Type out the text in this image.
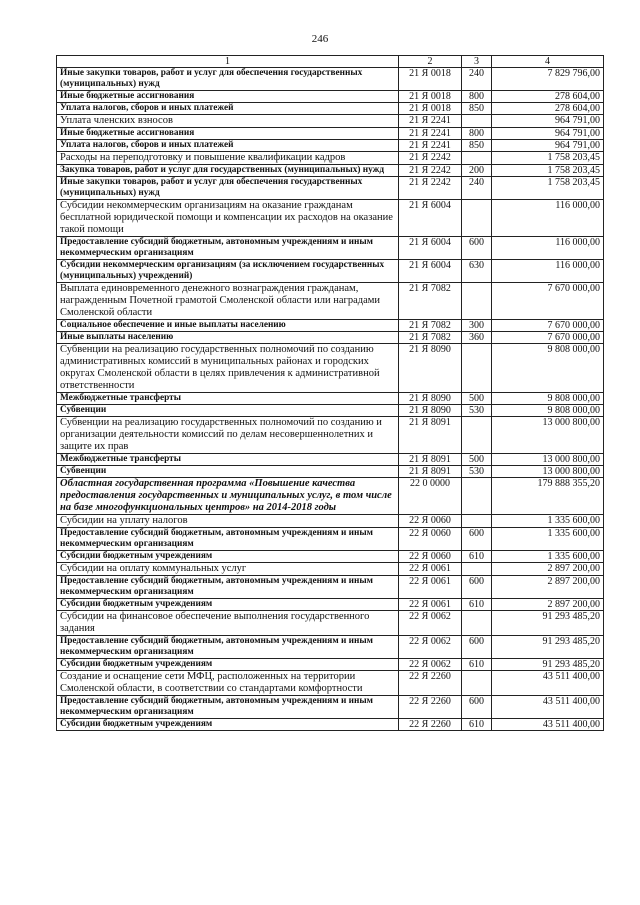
246
1	2	3	4
Иные закупки товаров, работ и услуг для обеспечения государственных (муниципальных) нужд	21 Я 0018	240	7 829 796,00
Иные бюджетные ассигнования	21 Я 0018	800	278 604,00
Уплата налогов, сборов и иных платежей	21 Я 0018	850	278 604,00
Уплата членских взносов	21 Я 2241		964 791,00
Иные бюджетные ассигнования	21 Я 2241	800	964 791,00
Уплата налогов, сборов и иных платежей	21 Я 2241	850	964 791,00
Расходы на переподготовку и повышение квалификации кадров	21 Я 2242		1 758 203,45
Закупка товаров, работ и услуг для государственных (муниципальных) нужд	21 Я 2242	200	1 758 203,45
Иные закупки товаров, работ и услуг для обеспечения государственных (муниципальных) нужд	21 Я 2242	240	1 758 203,45
Субсидии некоммерческим организациям на оказание гражданам бесплатной юридической помощи и компенсации их расходов на оказание такой помощи	21 Я 6004		116 000,00
Предоставление субсидий бюджетным, автономным учреждениям и иным некоммерческим организациям	21 Я 6004	600	116 000,00
Субсидии некоммерческим организациям (за исключением государственных (муниципальных) учреждений)	21 Я 6004	630	116 000,00
Выплата единовременного денежного вознаграждения гражданам, награжденным Почетной грамотой Смоленской области или наградами Смоленской области	21 Я 7082		7 670 000,00
Социальное обеспечение и иные выплаты населению	21 Я 7082	300	7 670 000,00
Иные выплаты населению	21 Я 7082	360	7 670 000,00
Субвенции на реализацию государственных полномочий по созданию административных комиссий в муниципальных районах и городских округах Смоленской области в целях привлечения к административной ответственности	21 Я 8090		9 808 000,00
Межбюджетные трансферты	21 Я 8090	500	9 808 000,00
Субвенции	21 Я 8090	530	9 808 000,00
Субвенции на реализацию государственных полномочий по созданию и организации деятельности комиссий по делам несовершеннолетних и защите их прав	21 Я 8091		13 000 800,00
Межбюджетные трансферты	21 Я 8091	500	13 000 800,00
Субвенции	21 Я 8091	530	13 000 800,00
Областная государственная программа «Повышение качества предоставления государственных и муниципальных услуг, в том числе на базе многофункциональных центров» на 2014-2018 годы	22 0 0000		179 888 355,20
Субсидии на уплату налогов	22 Я 0060		1 335 600,00
Предоставление субсидий бюджетным, автономным учреждениям и иным некоммерческим организациям	22 Я 0060	600	1 335 600,00
Субсидии бюджетным учреждениям	22 Я 0060	610	1 335 600,00
Субсидии на оплату коммунальных услуг	22 Я 0061		2 897 200,00
Предоставление субсидий бюджетным, автономным учреждениям и иным некоммерческим организациям	22 Я 0061	600	2 897 200,00
Субсидии бюджетным учреждениям	22 Я 0061	610	2 897 200,00
Субсидии на финансовое обеспечение выполнения государственного задания	22 Я 0062		91 293 485,20
Предоставление субсидий бюджетным, автономным учреждениям и иным некоммерческим организациям	22 Я 0062	600	91 293 485,20
Субсидии бюджетным учреждениям	22 Я 0062	610	91 293 485,20
Создание и оснащение сети МФЦ, расположенных на территории Смоленской области, в соответствии со стандартами комфортности	22 Я 2260		43 511 400,00
Предоставление субсидий бюджетным, автономным учреждениям и иным некоммерческим организациям	22 Я 2260	600	43 511 400,00
Субсидии бюджетным учреждениям	22 Я 2260	610	43 511 400,00
